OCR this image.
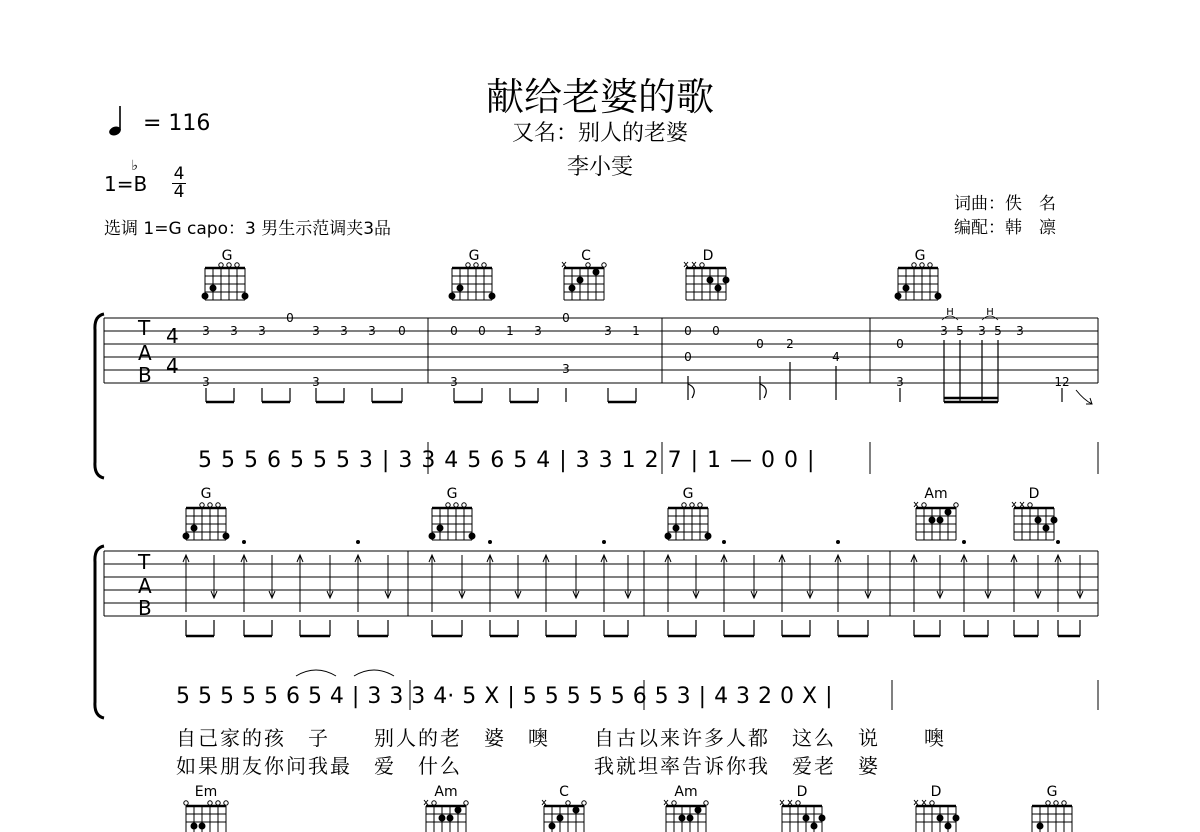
献给老婆的歌
又名：别人的老婆
李小雯
= 116
1=
♭
B 4
4
选调 1=G capo：3 男生示范调夹3品
词曲：佚　名
编配：韩　凛
G	G	C	D	G
T
A
B
4
4
3 3 3
0
3 3 3 0
3	3
0 0 1 3
0
3
3
1
3
0 0
0
0 2
4
0
3
3 5 3 5 3
12
H	H
T
A
B
5 5 5 6 5 5 5 3 | 3 3 4 5 6 5 4 | 3 3 1 2 7 | 1 — 0 0 |
G	G	G	Am	D
5 5 5 5 5 6 5 4 | 3 3 3 4· 5 X | 5 5 5 5 5 6 5 3 | 4 3 2 0 X |
自己家的孩　子　　别人的老　婆　噢　　自古以来许多人都　这么　说　　噢
如果朋友你问我最　爱　什么　　　　　　我就坦率告诉你我　爱老　婆
Em	Am	C	Am	D	D	G
